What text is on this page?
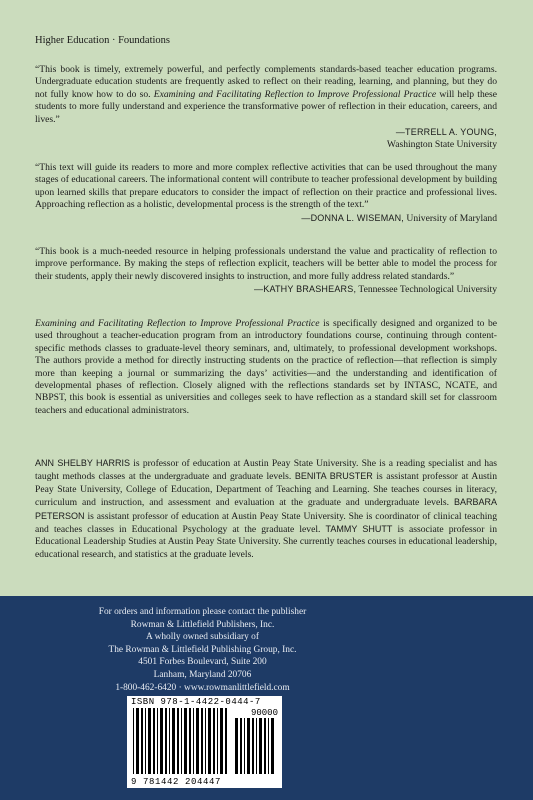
Higher Education · Foundations
“This book is timely, extremely powerful, and perfectly complements standards-based teacher education programs. Undergraduate education students are frequently asked to reflect on their reading, learning, and planning, but they do not fully know how to do so. Examining and Facilitating Reflection to Improve Professional Practice will help these students to more fully understand and experience the transformative power of reflection in their education, careers, and lives.”
—TERRELL A. YOUNG,
Washington State University
“This text will guide its readers to more and more complex reflective activities that can be used throughout the many stages of educational careers. The informational content will contribute to teacher professional development by building upon learned skills that prepare educators to consider the impact of reflection on their practice and professional lives. Approaching reflection as a holistic, developmental process is the strength of the text.”
—DONNA L. WISEMAN, University of Maryland
“This book is a much-needed resource in helping professionals understand the value and practicality of reflection to improve performance. By making the steps of reflection explicit, teachers will be better able to model the process for their students, apply their newly discovered insights to instruction, and more fully address related standards.”
—KATHY BRASHEARS, Tennessee Technological University
Examining and Facilitating Reflection to Improve Professional Practice is specifically designed and organized to be used throughout a teacher-education program from an introductory foundations course, continuing through content-specific methods classes to graduate-level theory seminars, and, ultimately, to professional development workshops. The authors provide a method for directly instructing students on the practice of reflection—that reflection is simply more than keeping a journal or summarizing the days’ activities—and the understanding and identification of developmental phases of reflection. Closely aligned with the reflections standards set by INTASC, NCATE, and NBPST, this book is essential as universities and colleges seek to have reflection as a standard skill set for classroom teachers and educational administrators.
ANN SHELBY HARRIS is professor of education at Austin Peay State University. She is a reading specialist and has taught methods classes at the undergraduate and graduate levels. BENITA BRUSTER is assistant professor at Austin Peay State University, College of Education, Department of Teaching and Learning. She teaches courses in literacy, curriculum and instruction, and assessment and evaluation at the graduate and undergraduate levels. BARBARA PETERSON is assistant professor of education at Austin Peay State University. She is coordinator of clinical teaching and teaches classes in Educational Psychology at the graduate level. TAMMY SHUTT is associate professor in Educational Leadership Studies at Austin Peay State University. She currently teaches courses in educational leadership, educational research, and statistics at the graduate levels.
For orders and information please contact the publisher
Rowman & Littlefield Publishers, Inc.
A wholly owned subsidiary of
The Rowman & Littlefield Publishing Group, Inc.
4501 Forbes Boulevard, Suite 200
Lanham, Maryland 20706
1-800-462-6420 · www.rowmanlittlefield.com
ISBN 978-1-4422-0444-7
90000
9 781442 204447
